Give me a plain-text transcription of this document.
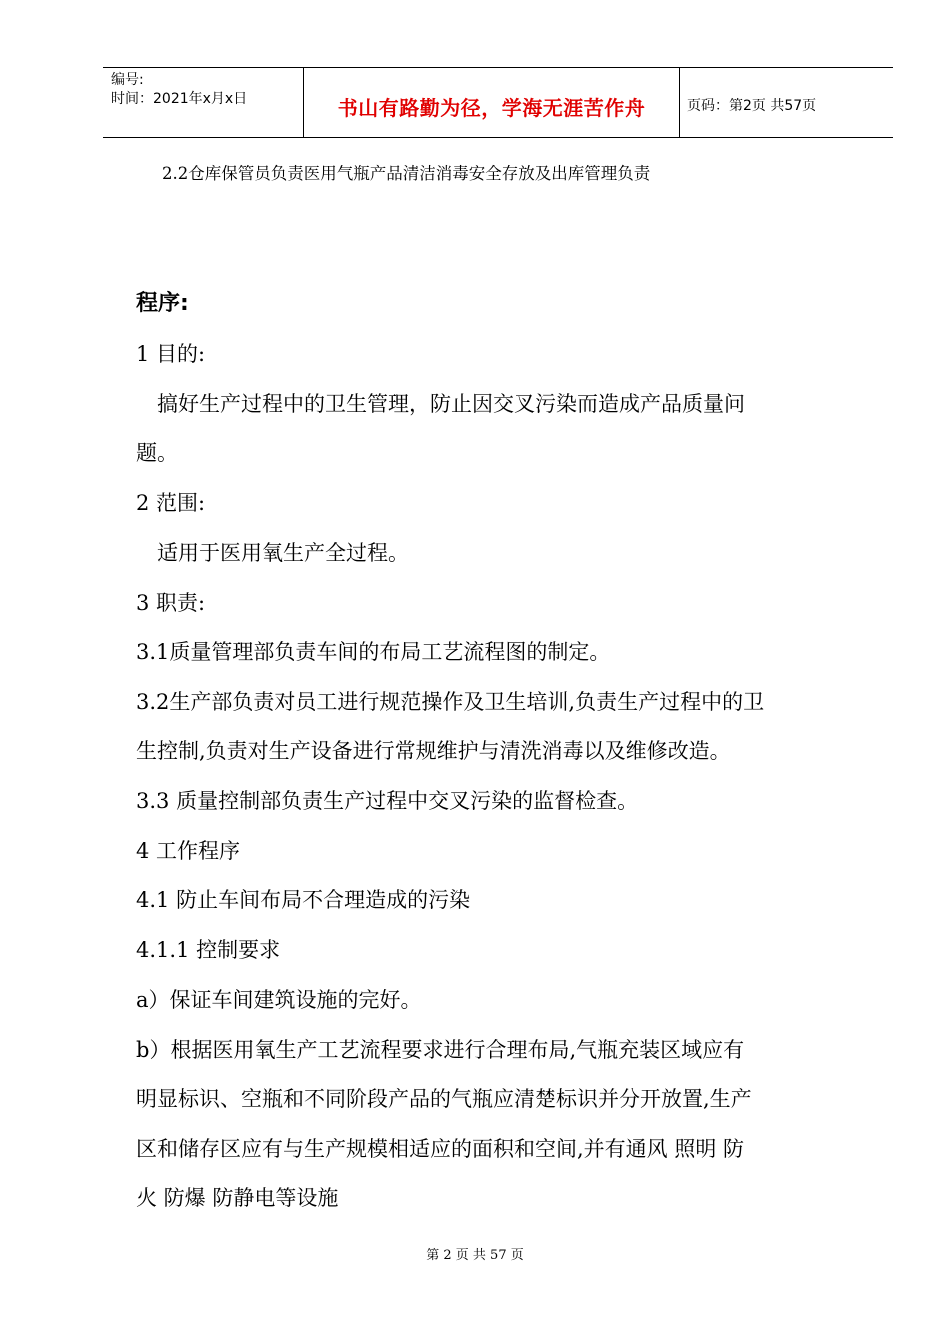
编号:
时间：2021年x月x日	书山有路勤为径，学海无涯苦作舟	页码：第2页 共57页
2.2仓库保管员负责医用气瓶产品清洁消毒安全存放及出库管理负责
程序:
1 目的:
　搞好生产过程中的卫生管理，防止因交叉污染而造成产品质量问
题。
2 范围:
　适用于医用氧生产全过程。
3 职责:
3.1质量管理部负责车间的布局工艺流程图的制定。
3.2生产部负责对员工进行规范操作及卫生培训,负责生产过程中的卫
生控制,负责对生产设备进行常规维护与清洗消毒以及维修改造。
3.3 质量控制部负责生产过程中交叉污染的监督检查。
4 工作程序
4.1 防止车间布局不合理造成的污染
4.1.1 控制要求
a）保证车间建筑设施的完好。
b）根据医用氧生产工艺流程要求进行合理布局,气瓶充装区域应有
明显标识、空瓶和不同阶段产品的气瓶应清楚标识并分开放置,生产
区和储存区应有与生产规模相适应的面积和空间,并有通风 照明 防
火 防爆 防静电等设施
第 2 页 共 57 页
